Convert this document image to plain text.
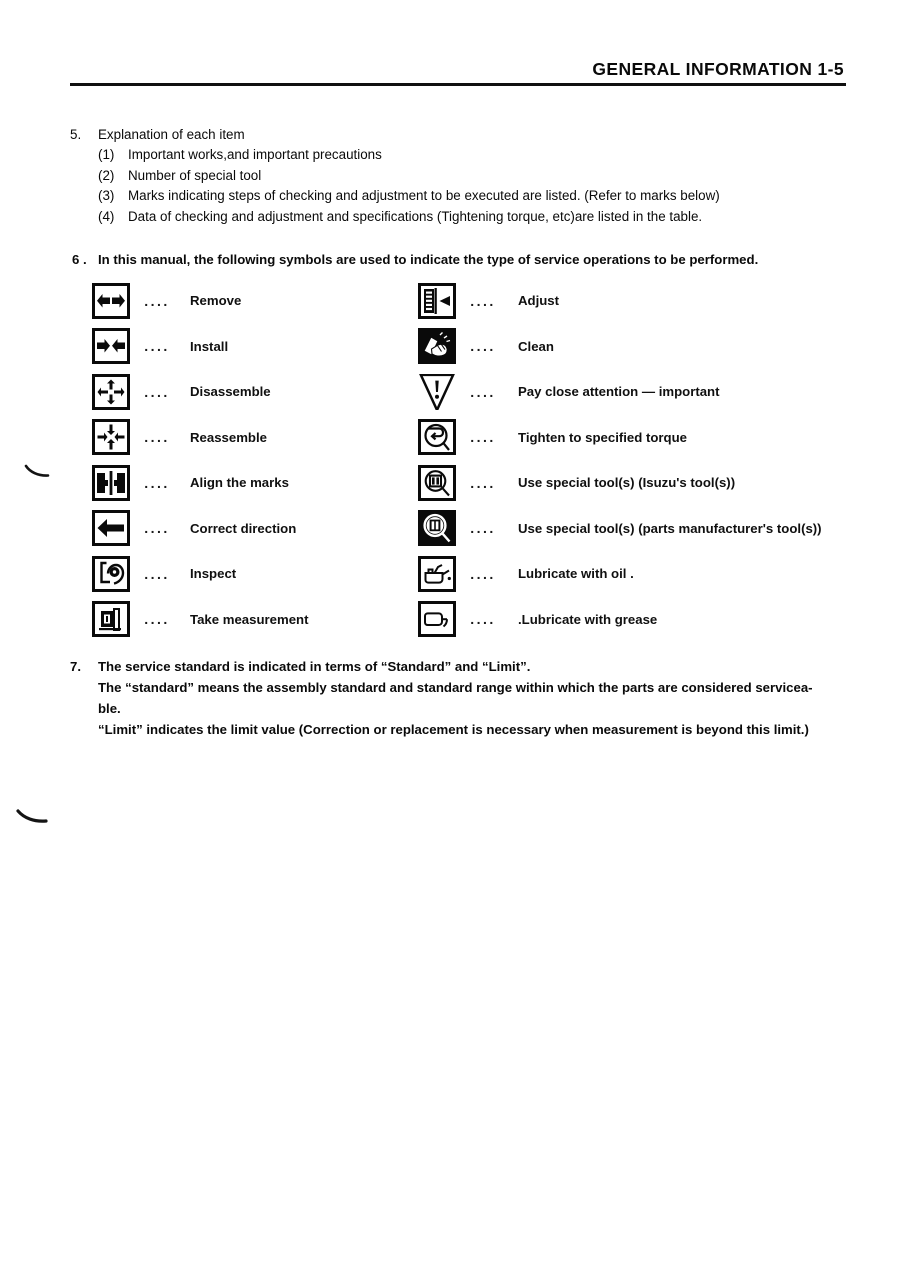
GENERAL INFORMATION 1-5
5.	Explanation of each item
(1)	Important works,and important precautions
(2)	Number of special tool
(3)	Marks indicating steps of checking and adjustment to be executed are listed. (Refer to marks below)
(4)	Data of checking and adjustment and specifications (Tightening torque, etc)are listed in the table.
6 . In this manual, the following symbols are used to indicate the type of service operations to be performed.
....	Remove
....	Install
....	Disassemble
....	Reassemble
....	Align the marks
....	Correct direction
....	Inspect
....	Take measurement
....	Adjust
....	Clean
....	Pay close attention — important
....	Tighten to specified torque
....	Use special tool(s) (Isuzu's tool(s))
....	Use special tool(s) (parts manufacturer's tool(s))
....	Lubricate with oil .
....	.Lubricate with grease
7.	The service standard is indicated in terms of “Standard” and “Limit”.
The “standard” means the assembly standard and standard range within which the parts are considered servicea-
ble.
“Limit” indicates the limit value (Correction or replacement is necessary when measurement is beyond this limit.)
